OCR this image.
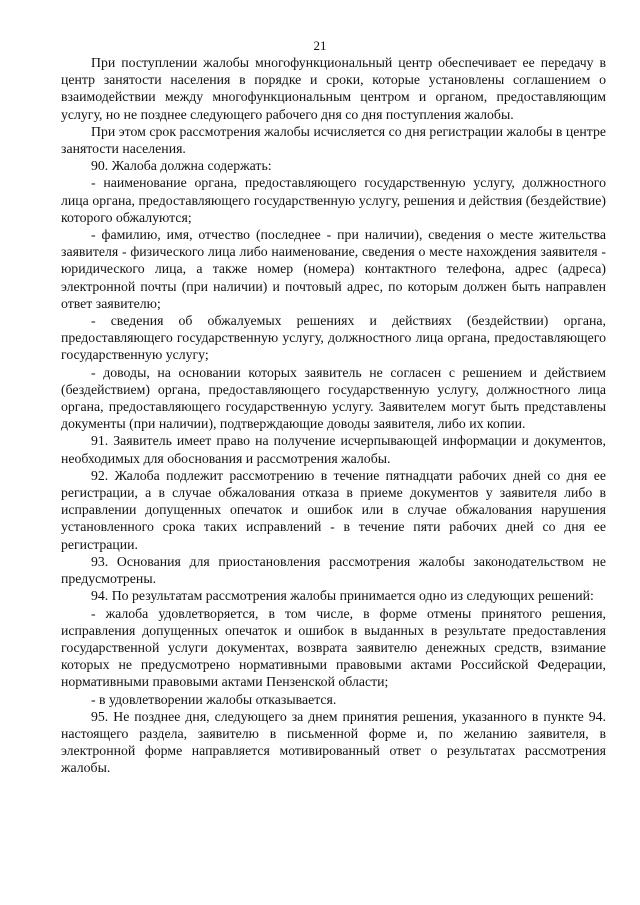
21

При поступлении жалобы многофункциональный центр обеспечивает ее передачу в центр занятости населения в порядке и сроки, которые установлены соглашением о взаимодействии между многофункциональным центром и органом, предоставляющим услугу, но не позднее следующего рабочего дня со дня поступления жалобы.

При этом срок рассмотрения жалобы исчисляется со дня регистрации жалобы в центре занятости населения.

90. Жалоба должна содержать:

- наименование органа, предоставляющего государственную услугу, должностного лица органа, предоставляющего государственную услугу, решения и действия (бездействие) которого обжалуются;

- фамилию, имя, отчество (последнее - при наличии), сведения о месте жительства заявителя - физического лица либо наименование, сведения о месте нахождения заявителя - юридического лица, а также номер (номера) контактного телефона, адрес (адреса) электронной почты (при наличии) и почтовый адрес, по которым должен быть направлен ответ заявителю;

- сведения об обжалуемых решениях и действиях (бездействии) органа, предоставляющего государственную услугу, должностного лица органа, предоставляющего государственную услугу;

- доводы, на основании которых заявитель не согласен с решением и действием (бездействием) органа, предоставляющего государственную услугу, должностного лица органа, предоставляющего государственную услугу. Заявителем могут быть представлены документы (при наличии), подтверждающие доводы заявителя, либо их копии.

91. Заявитель имеет право на получение исчерпывающей информации и документов, необходимых для обоснования и рассмотрения жалобы.

92. Жалоба подлежит рассмотрению в течение пятнадцати рабочих дней со дня ее регистрации, а в случае обжалования отказа в приеме документов у заявителя либо в исправлении допущенных опечаток и ошибок или в случае обжалования нарушения установленного срока таких исправлений - в течение пяти рабочих дней со дня ее регистрации.

93. Основания для приостановления рассмотрения жалобы законодательством не предусмотрены.

94. По результатам рассмотрения жалобы принимается одно из следующих решений:

- жалоба удовлетворяется, в том числе, в форме отмены принятого решения, исправления допущенных опечаток и ошибок в выданных в результате предоставления государственной услуги документах, возврата заявителю денежных средств, взимание которых не предусмотрено нормативными правовыми актами Российской Федерации, нормативными правовыми актами Пензенской области;

- в удовлетворении жалобы отказывается.

95. Не позднее дня, следующего за днем принятия решения, указанного в пункте 94. настоящего раздела, заявителю в письменной форме и, по желанию заявителя, в электронной форме направляется мотивированный ответ о результатах рассмотрения жалобы.
